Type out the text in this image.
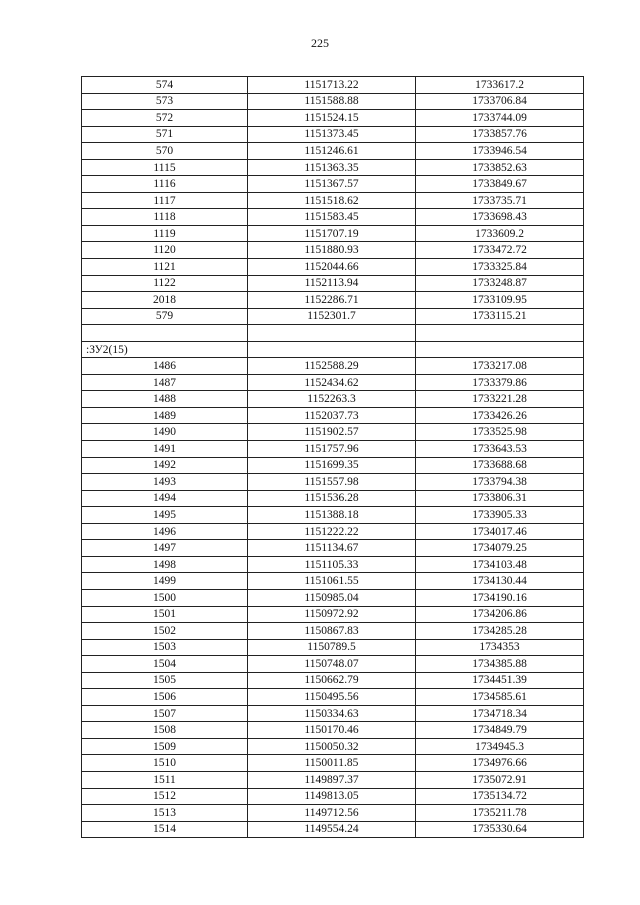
225
574	1151713.22	1733617.2
573	1151588.88	1733706.84
572	1151524.15	1733744.09
571	1151373.45	1733857.76
570	1151246.61	1733946.54
1115	1151363.35	1733852.63
1116	1151367.57	1733849.67
1117	1151518.62	1733735.71
1118	1151583.45	1733698.43
1119	1151707.19	1733609.2
1120	1151880.93	1733472.72
1121	1152044.66	1733325.84
1122	1152113.94	1733248.87
2018	1152286.71	1733109.95
579	1152301.7	1733115.21

:ЗУ2(15)		
1486	1152588.29	1733217.08
1487	1152434.62	1733379.86
1488	1152263.3	1733221.28
1489	1152037.73	1733426.26
1490	1151902.57	1733525.98
1491	1151757.96	1733643.53
1492	1151699.35	1733688.68
1493	1151557.98	1733794.38
1494	1151536.28	1733806.31
1495	1151388.18	1733905.33
1496	1151222.22	1734017.46
1497	1151134.67	1734079.25
1498	1151105.33	1734103.48
1499	1151061.55	1734130.44
1500	1150985.04	1734190.16
1501	1150972.92	1734206.86
1502	1150867.83	1734285.28
1503	1150789.5	1734353
1504	1150748.07	1734385.88
1505	1150662.79	1734451.39
1506	1150495.56	1734585.61
1507	1150334.63	1734718.34
1508	1150170.46	1734849.79
1509	1150050.32	1734945.3
1510	1150011.85	1734976.66
1511	1149897.37	1735072.91
1512	1149813.05	1735134.72
1513	1149712.56	1735211.78
1514	1149554.24	1735330.64
